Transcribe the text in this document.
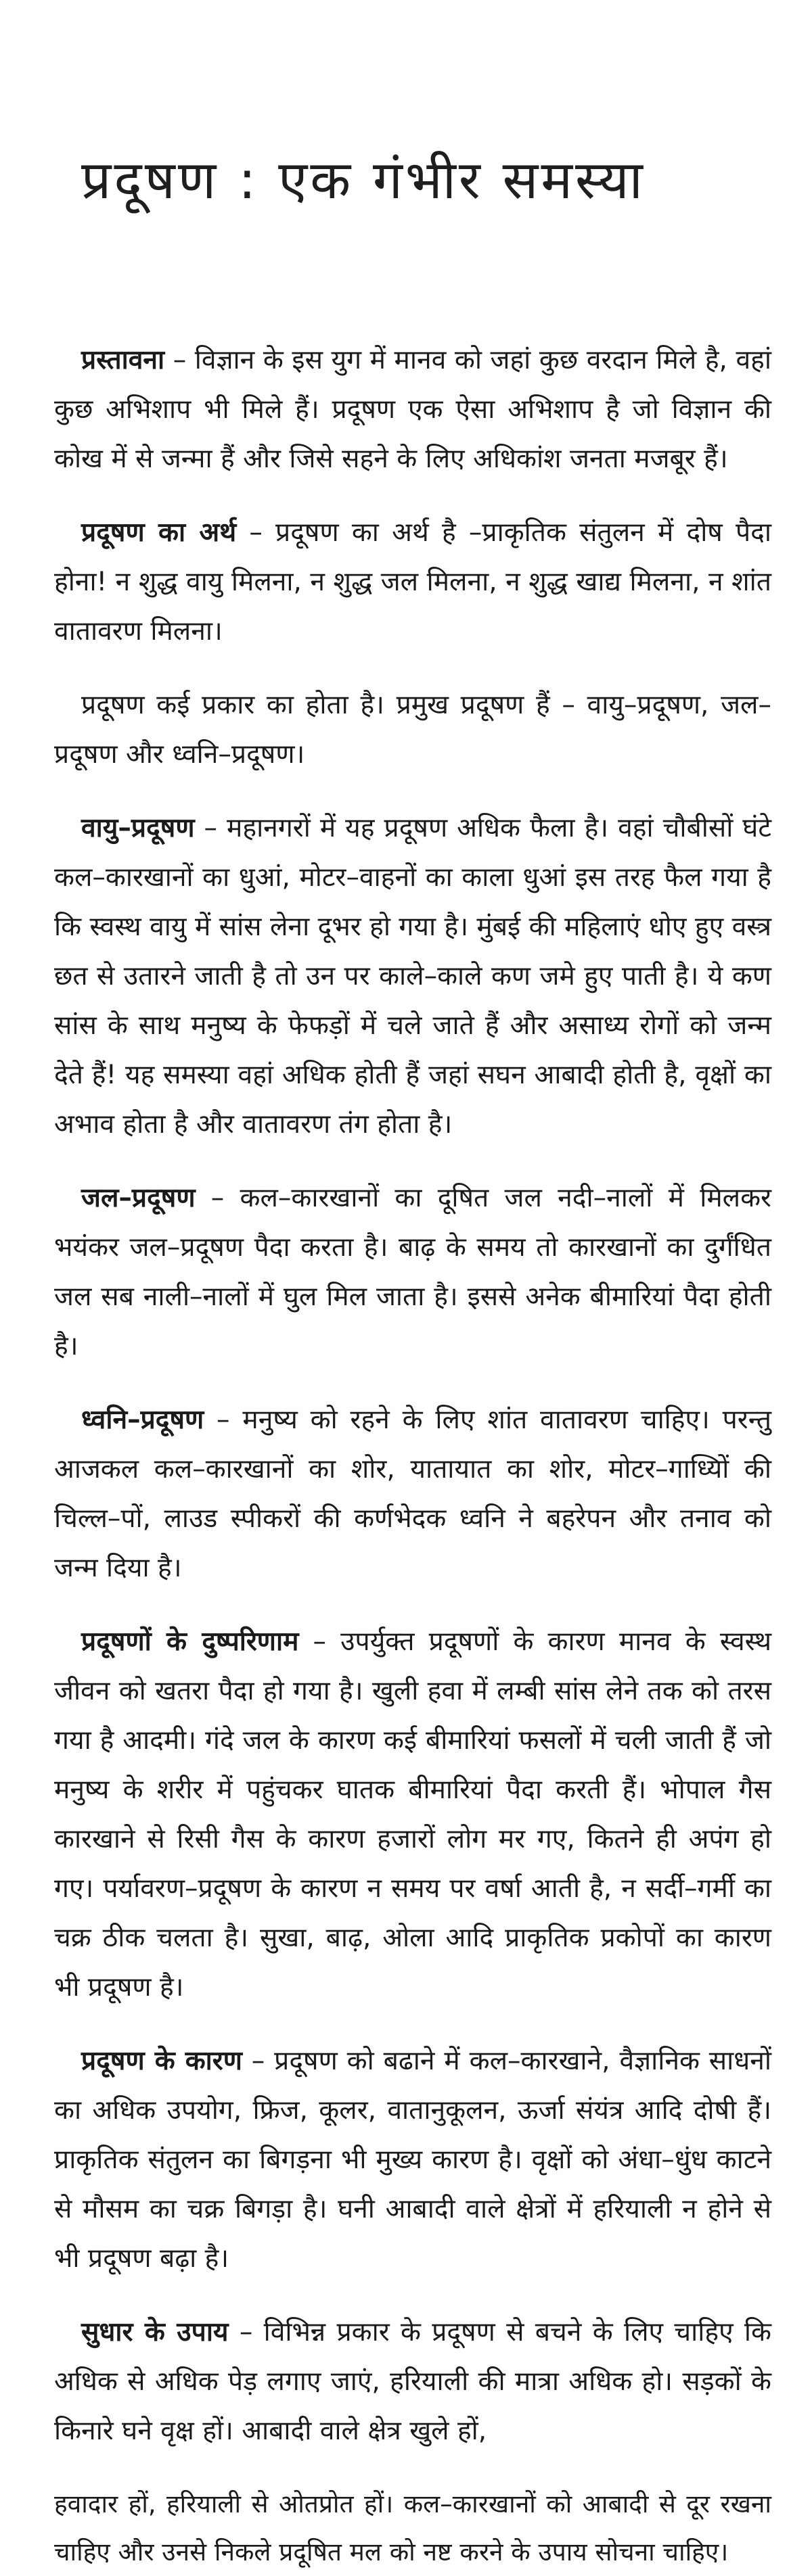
प्रदूषण : एक गंभीर समस्या

प्रस्तावना – विज्ञान के इस युग में मानव को जहां कुछ वरदान मिले है, वहां कुछ अभिशाप भी मिले हैं। प्रदूषण एक ऐसा अभिशाप है जो विज्ञान की कोख में से जन्मा हैं और जिसे सहने के लिए अधिकांश जनता मजबूर हैं।

प्रदूषण का अर्थ – प्रदूषण का अर्थ है –प्राकृतिक संतुलन में दोष पैदा होना! न शुद्ध वायु मिलना, न शुद्ध जल मिलना, न शुद्ध खाद्य मिलना, न शांत वातावरण मिलना।

प्रदूषण कई प्रकार का होता है। प्रमुख प्रदूषण हैं – वायु–प्रदूषण, जल–प्रदूषण और ध्वनि–प्रदूषण।

वायु–प्रदूषण – महानगरों में यह प्रदूषण अधिक फैला है। वहां चौबीसों घंटे कल–कारखानों का धुआं, मोटर–वाहनों का काला धुआं इस तरह फैल गया है कि स्वस्थ वायु में सांस लेना दूभर हो गया है। मुंबई की महिलाएं धोए हुए वस्त्र छत से उतारने जाती है तो उन पर काले–काले कण जमे हुए पाती है। ये कण सांस के साथ मनुष्य के फेफड़ों में चले जाते हैं और असाध्य रोगों को जन्म देते हैं! यह समस्या वहां अधिक होती हैं जहां सघन आबादी होती है, वृक्षों का अभाव होता है और वातावरण तंग होता है।

जल–प्रदूषण – कल–कारखानों का दूषित जल नदी–नालों में मिलकर भयंकर जल–प्रदूषण पैदा करता है। बाढ़ के समय तो कारखानों का दुर्गंधित जल सब नाली–नालों में घुल मिल जाता है। इससे अनेक बीमारियां पैदा होती है।

ध्वनि–प्रदूषण – मनुष्य को रहने के लिए शांत वातावरण चाहिए। परन्तु आजकल कल–कारखानों का शोर, यातायात का शोर, मोटर–गाध्यिों की चिल्ल–पों, लाउड स्पीकरों की कर्णभेदक ध्वनि ने बहरेपन और तनाव को जन्म दिया है।

प्रदूषणों के दुष्परिणाम – उपर्युक्त प्रदूषणों के कारण मानव के स्वस्थ जीवन को खतरा पैदा हो गया है। खुली हवा में लम्बी सांस लेने तक को तरस गया है आदमी। गंदे जल के कारण कई बीमारियां फसलों में चली जाती हैं जो मनुष्य के शरीर में पहुंचकर घातक बीमारियां पैदा करती हैं। भोपाल गैस कारखाने से रिसी गैस के कारण हजारों लोग मर गए, कितने ही अपंग हो गए। पर्यावरण–प्रदूषण के कारण न समय पर वर्षा आती है, न सर्दी–गर्मी का चक्र ठीक चलता है। सुखा, बाढ़, ओला आदि प्राकृतिक प्रकोपों का कारण भी प्रदूषण है।

प्रदूषण के कारण – प्रदूषण को बढाने में कल–कारखाने, वैज्ञानिक साधनों का अधिक उपयोग, फ्रिज, कूलर, वातानुकूलन, ऊर्जा संयंत्र आदि दोषी हैं। प्राकृतिक संतुलन का बिगड़ना भी मुख्य कारण है। वृक्षों को अंधा–धुंध काटने से मौसम का चक्र बिगड़ा है। घनी आबादी वाले क्षेत्रों में हरियाली न होने से भी प्रदूषण बढ़ा है।

सुधार के उपाय – विभिन्न प्रकार के प्रदूषण से बचने के लिए चाहिए कि अधिक से अधिक पेड़ लगाए जाएं, हरियाली की मात्रा अधिक हो। सड़कों के किनारे घने वृक्ष हों। आबादी वाले क्षेत्र खुले हों,

हवादार हों, हरियाली से ओतप्रोत हों। कल–कारखानों को आबादी से दूर रखना चाहिए और उनसे निकले प्रदूषित मल को नष्ट करने के उपाय सोचना चाहिए।
